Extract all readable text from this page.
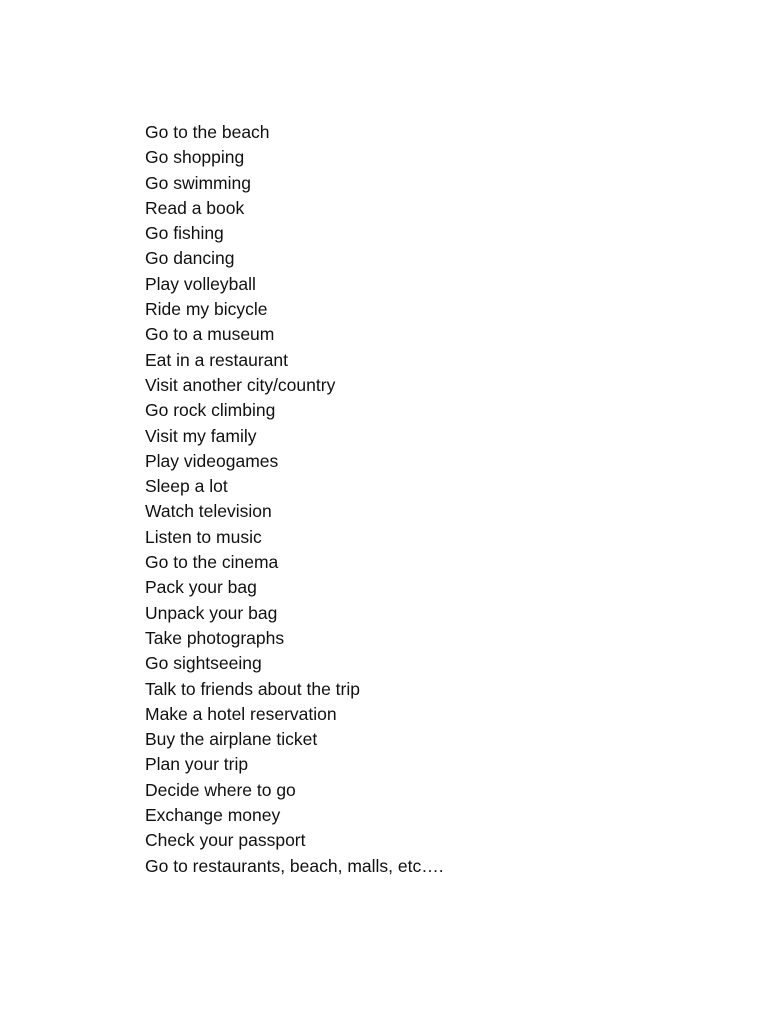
Go to the beach
Go shopping
Go swimming
Read a book
Go fishing
Go dancing
Play volleyball
Ride my bicycle
Go to a museum
Eat in a restaurant
Visit another city/country
Go rock climbing
Visit my family
Play videogames
Sleep a lot
Watch television
Listen to music
Go to the cinema
Pack your bag
Unpack your bag
Take photographs
Go sightseeing
Talk to friends about the trip
Make a hotel reservation
Buy the airplane ticket
Plan your trip
Decide where to go
Exchange money
Check your passport
Go to restaurants, beach, malls, etc….
